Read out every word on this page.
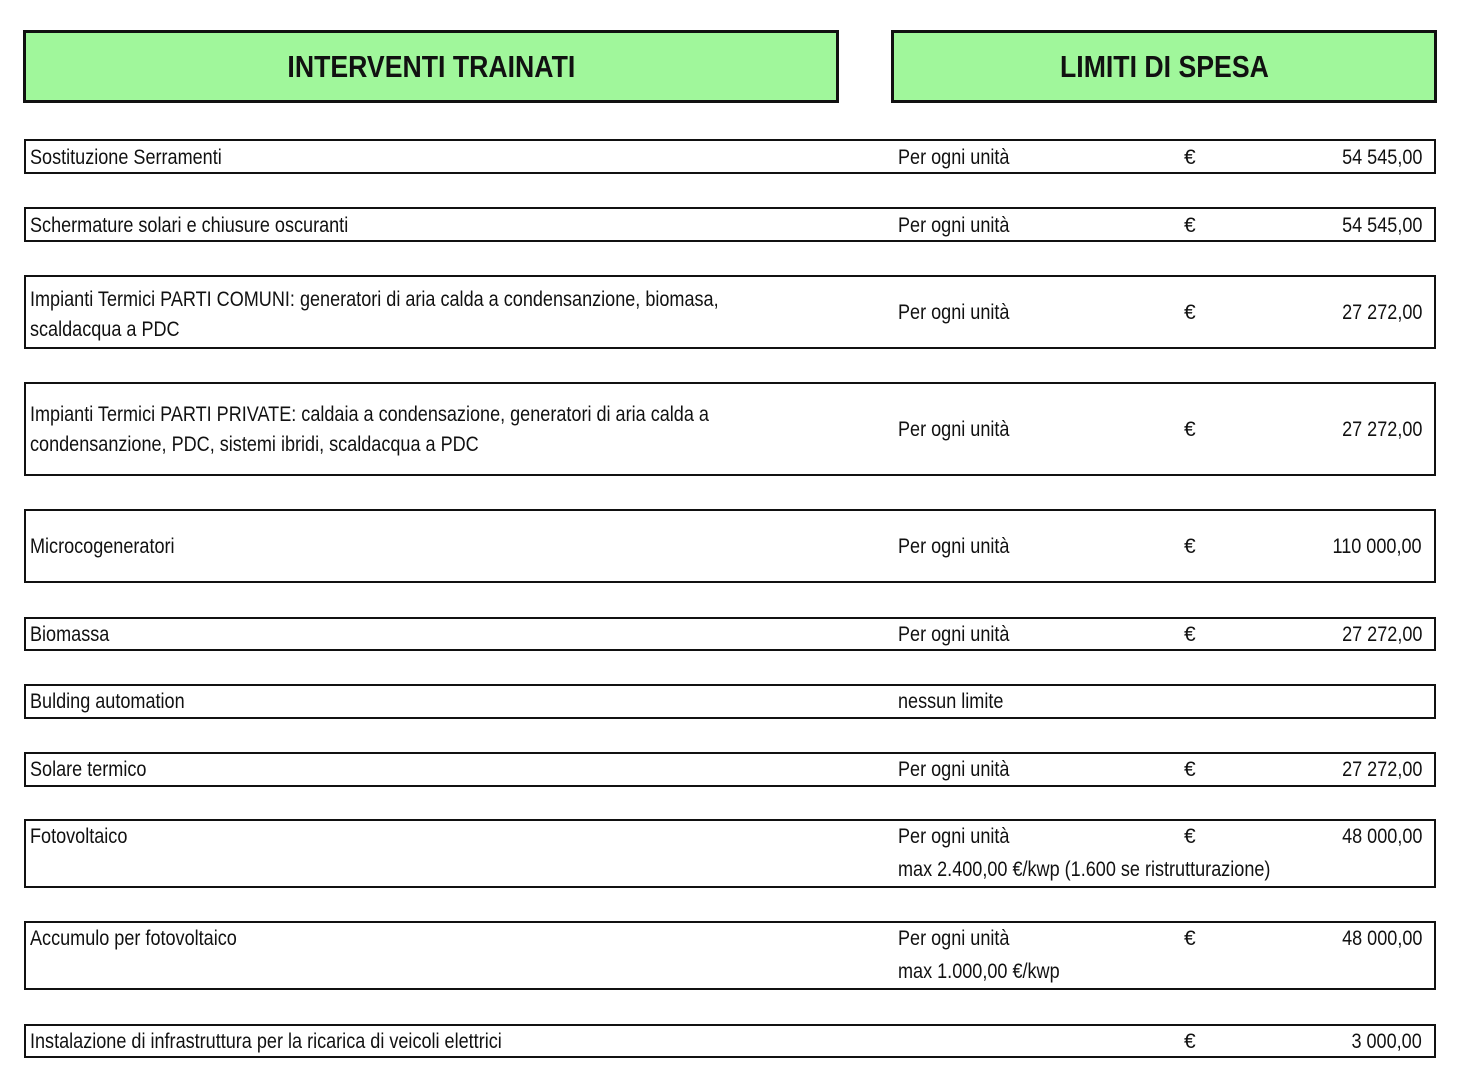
INTERVENTI TRAINATI	LIMITI DI SPESA
Sostituzione Serramenti	Per ogni unità	€	54 545,00
Schermature solari e chiusure oscuranti	Per ogni unità	€	54 545,00
Impianti Termici PARTI COMUNI: generatori di aria calda a condensanzione, biomasa,
scaldacqua a PDC
Per ogni unità	€	27 272,00
Impianti Termici PARTI PRIVATE: caldaia a condensazione, generatori di aria calda a
condensanzione, PDC, sistemi ibridi, scaldacqua a PDC
Per ogni unità	€	27 272,00
Microcogeneratori	Per ogni unità	€	110 000,00
Biomassa	Per ogni unità	€	27 272,00
Bulding automation	nessun limite
Solare termico	Per ogni unità	€	27 272,00
Fotovoltaico	Per ogni unità	€	48 000,00
max 2.400,00 €/kwp (1.600 se ristrutturazione)
Accumulo per fotovoltaico	Per ogni unità	€	48 000,00
max 1.000,00 €/kwp
Instalazione di infrastruttura per la ricarica di veicoli elettrici	€	3 000,00
